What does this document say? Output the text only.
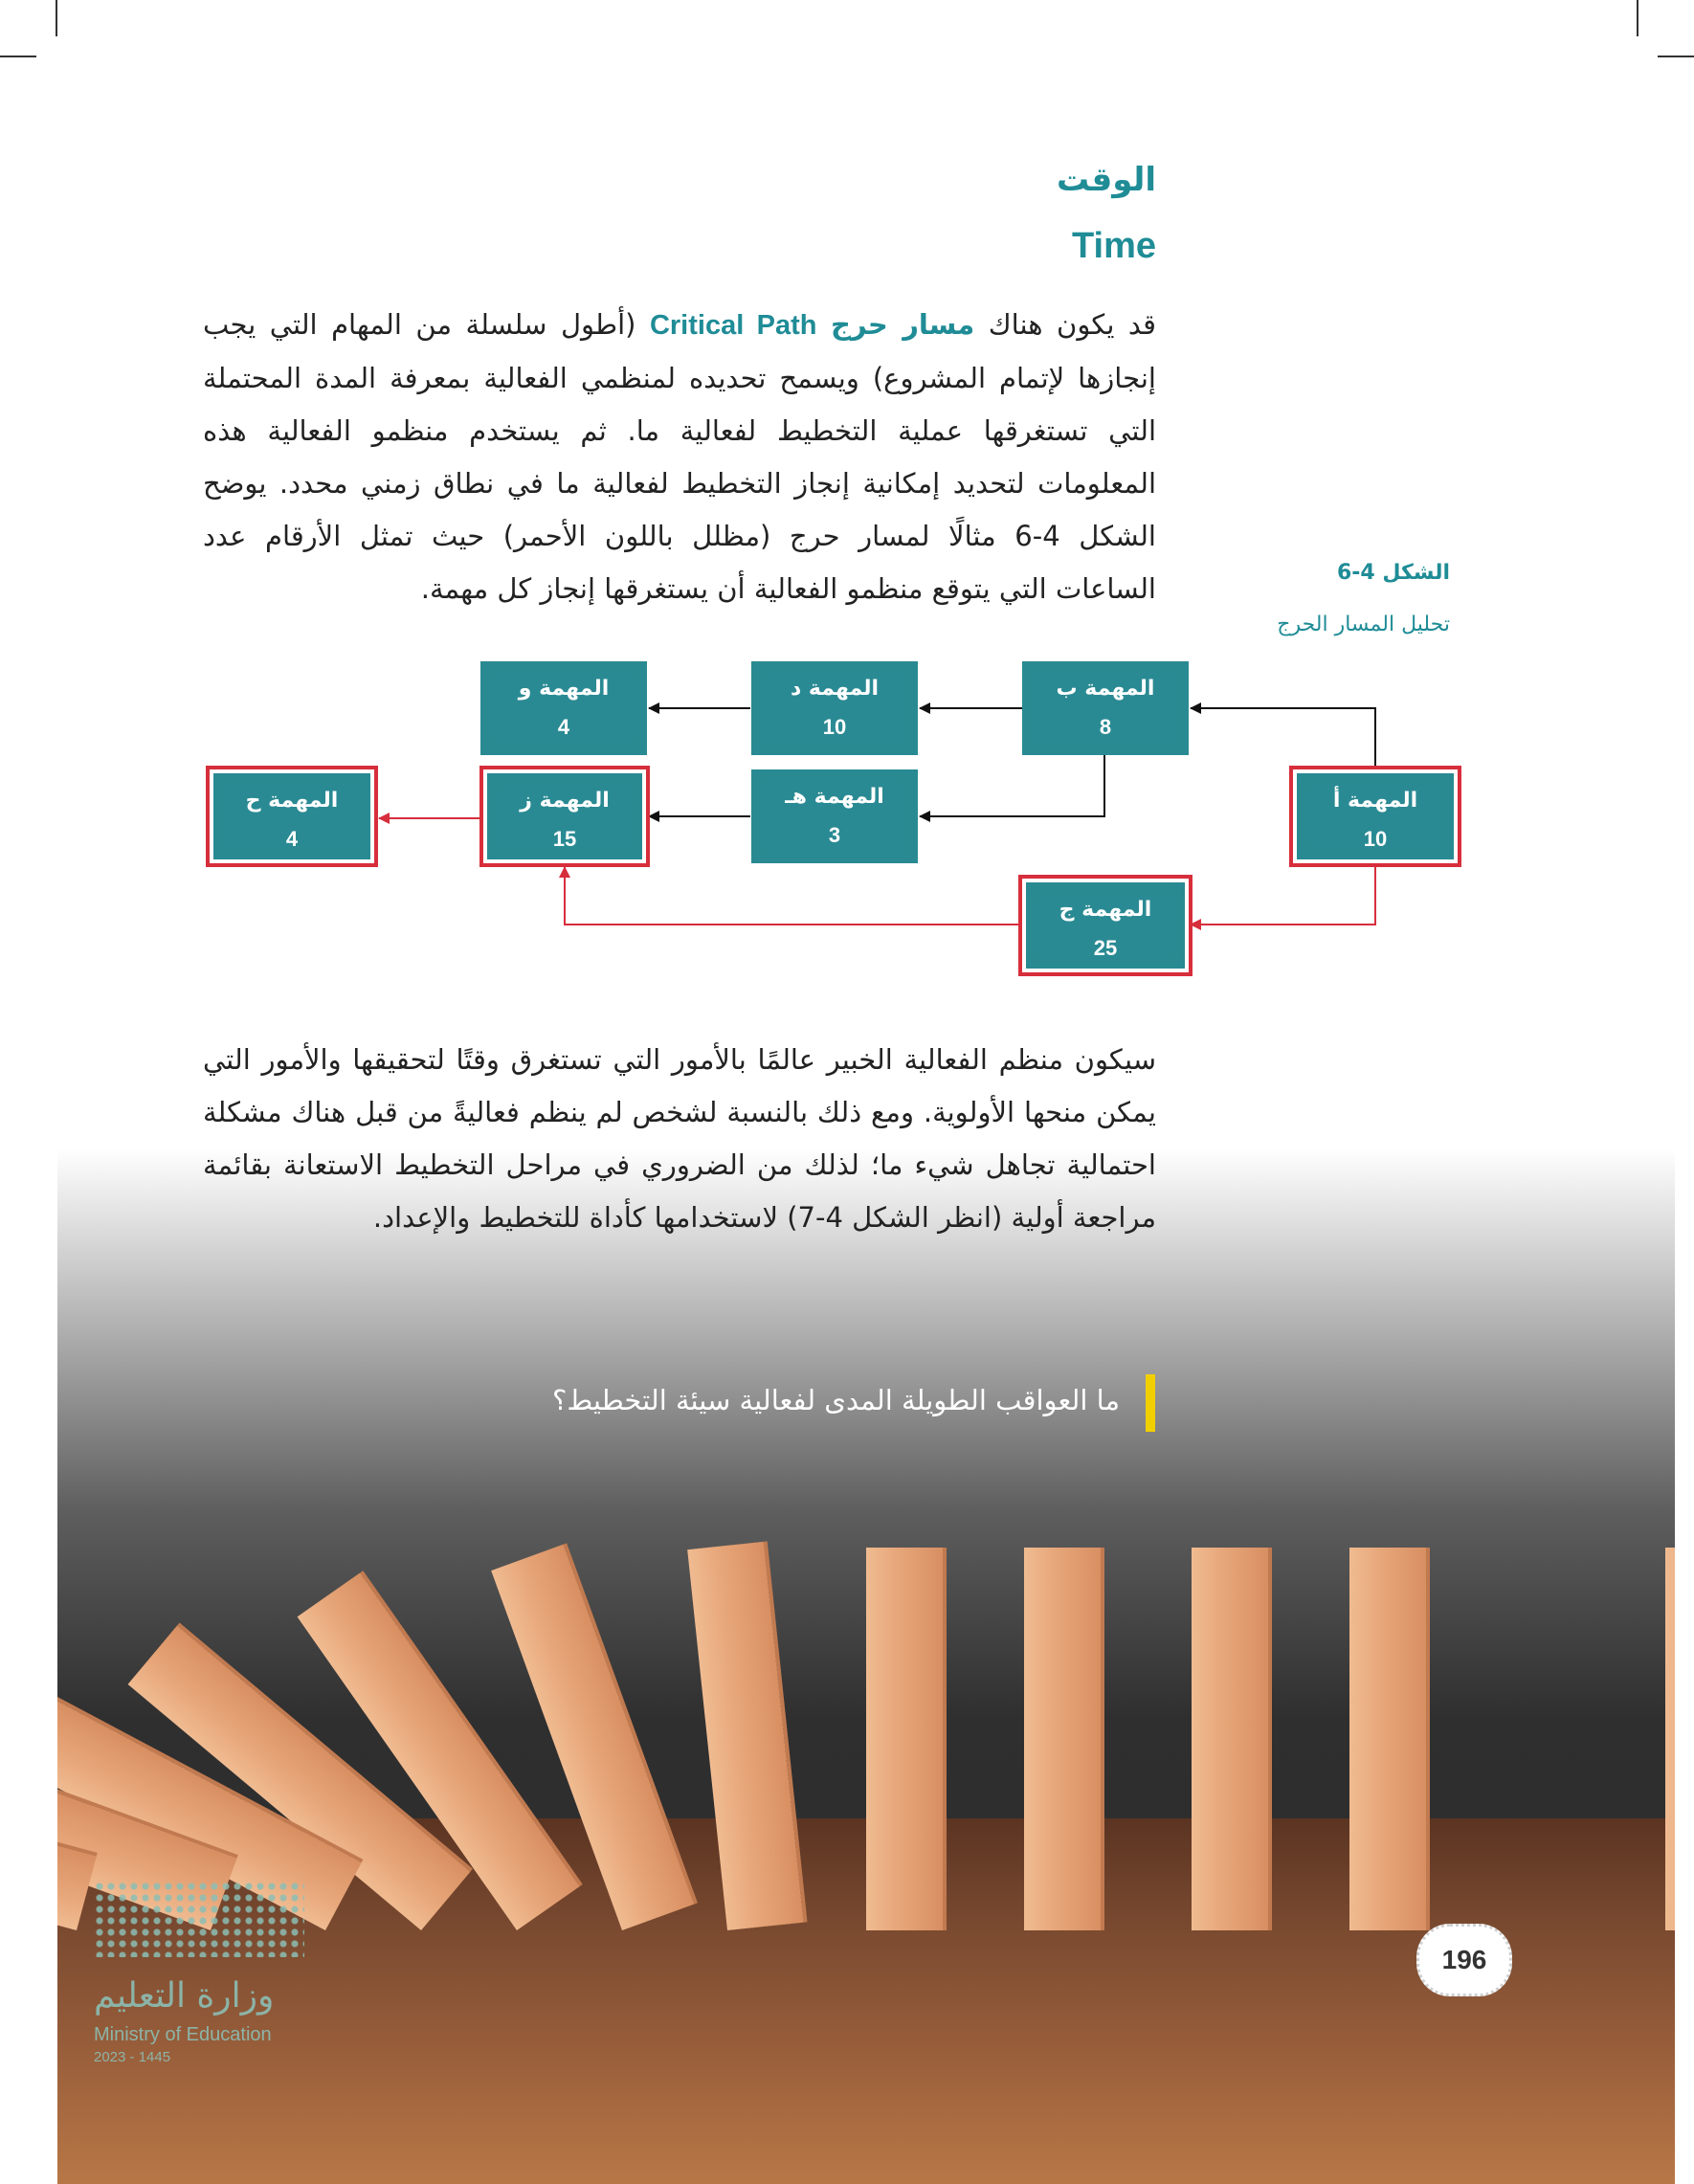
الوقت
Time

قد يكون هناك مسار حرج Critical Path (أطول سلسلة من المهام التي يجب إنجازها لإتمام المشروع) ويسمح تحديده لمنظمي الفعالية بمعرفة المدة المحتملة التي تستغرقها عملية التخطيط لفعالية ما. ثم يستخدم منظمو الفعالية هذه المعلومات لتحديد إمكانية إنجاز التخطيط لفعالية ما في نطاق زمني محدد. يوضح الشكل 4-6 مثالًا لمسار حرج (مظلل باللون الأحمر) حيث تمثل الأرقام عدد الساعات التي يتوقع منظمو الفعالية أن يستغرقها إنجاز كل مهمة.	الشكل 4-6

تحليل المسار الحرج

المهمة ب
8
المهمة د
10
المهمة و
4
المهمة هـ
3
المهمة أ
10
المهمة ز
15
المهمة ح
4
المهمة ج
25

سيكون منظم الفعالية الخبير عالمًا بالأمور التي تستغرق وقتًا لتحقيقها والأمور التي يمكن منحها الأولوية. ومع ذلك بالنسبة لشخص لم ينظم فعاليةً من قبل هناك مشكلة احتمالية تجاهل شيء ما؛ لذلك من الضروري في مراحل التخطيط الاستعانة بقائمة مراجعة أولية (انظر الشكل 4-7) لاستخدامها كأداة للتخطيط والإعداد.

ما العواقب الطويلة المدى لفعالية سيئة التخطيط؟

196

وزارة التعليم

Ministry of Education

2023 - 1445
